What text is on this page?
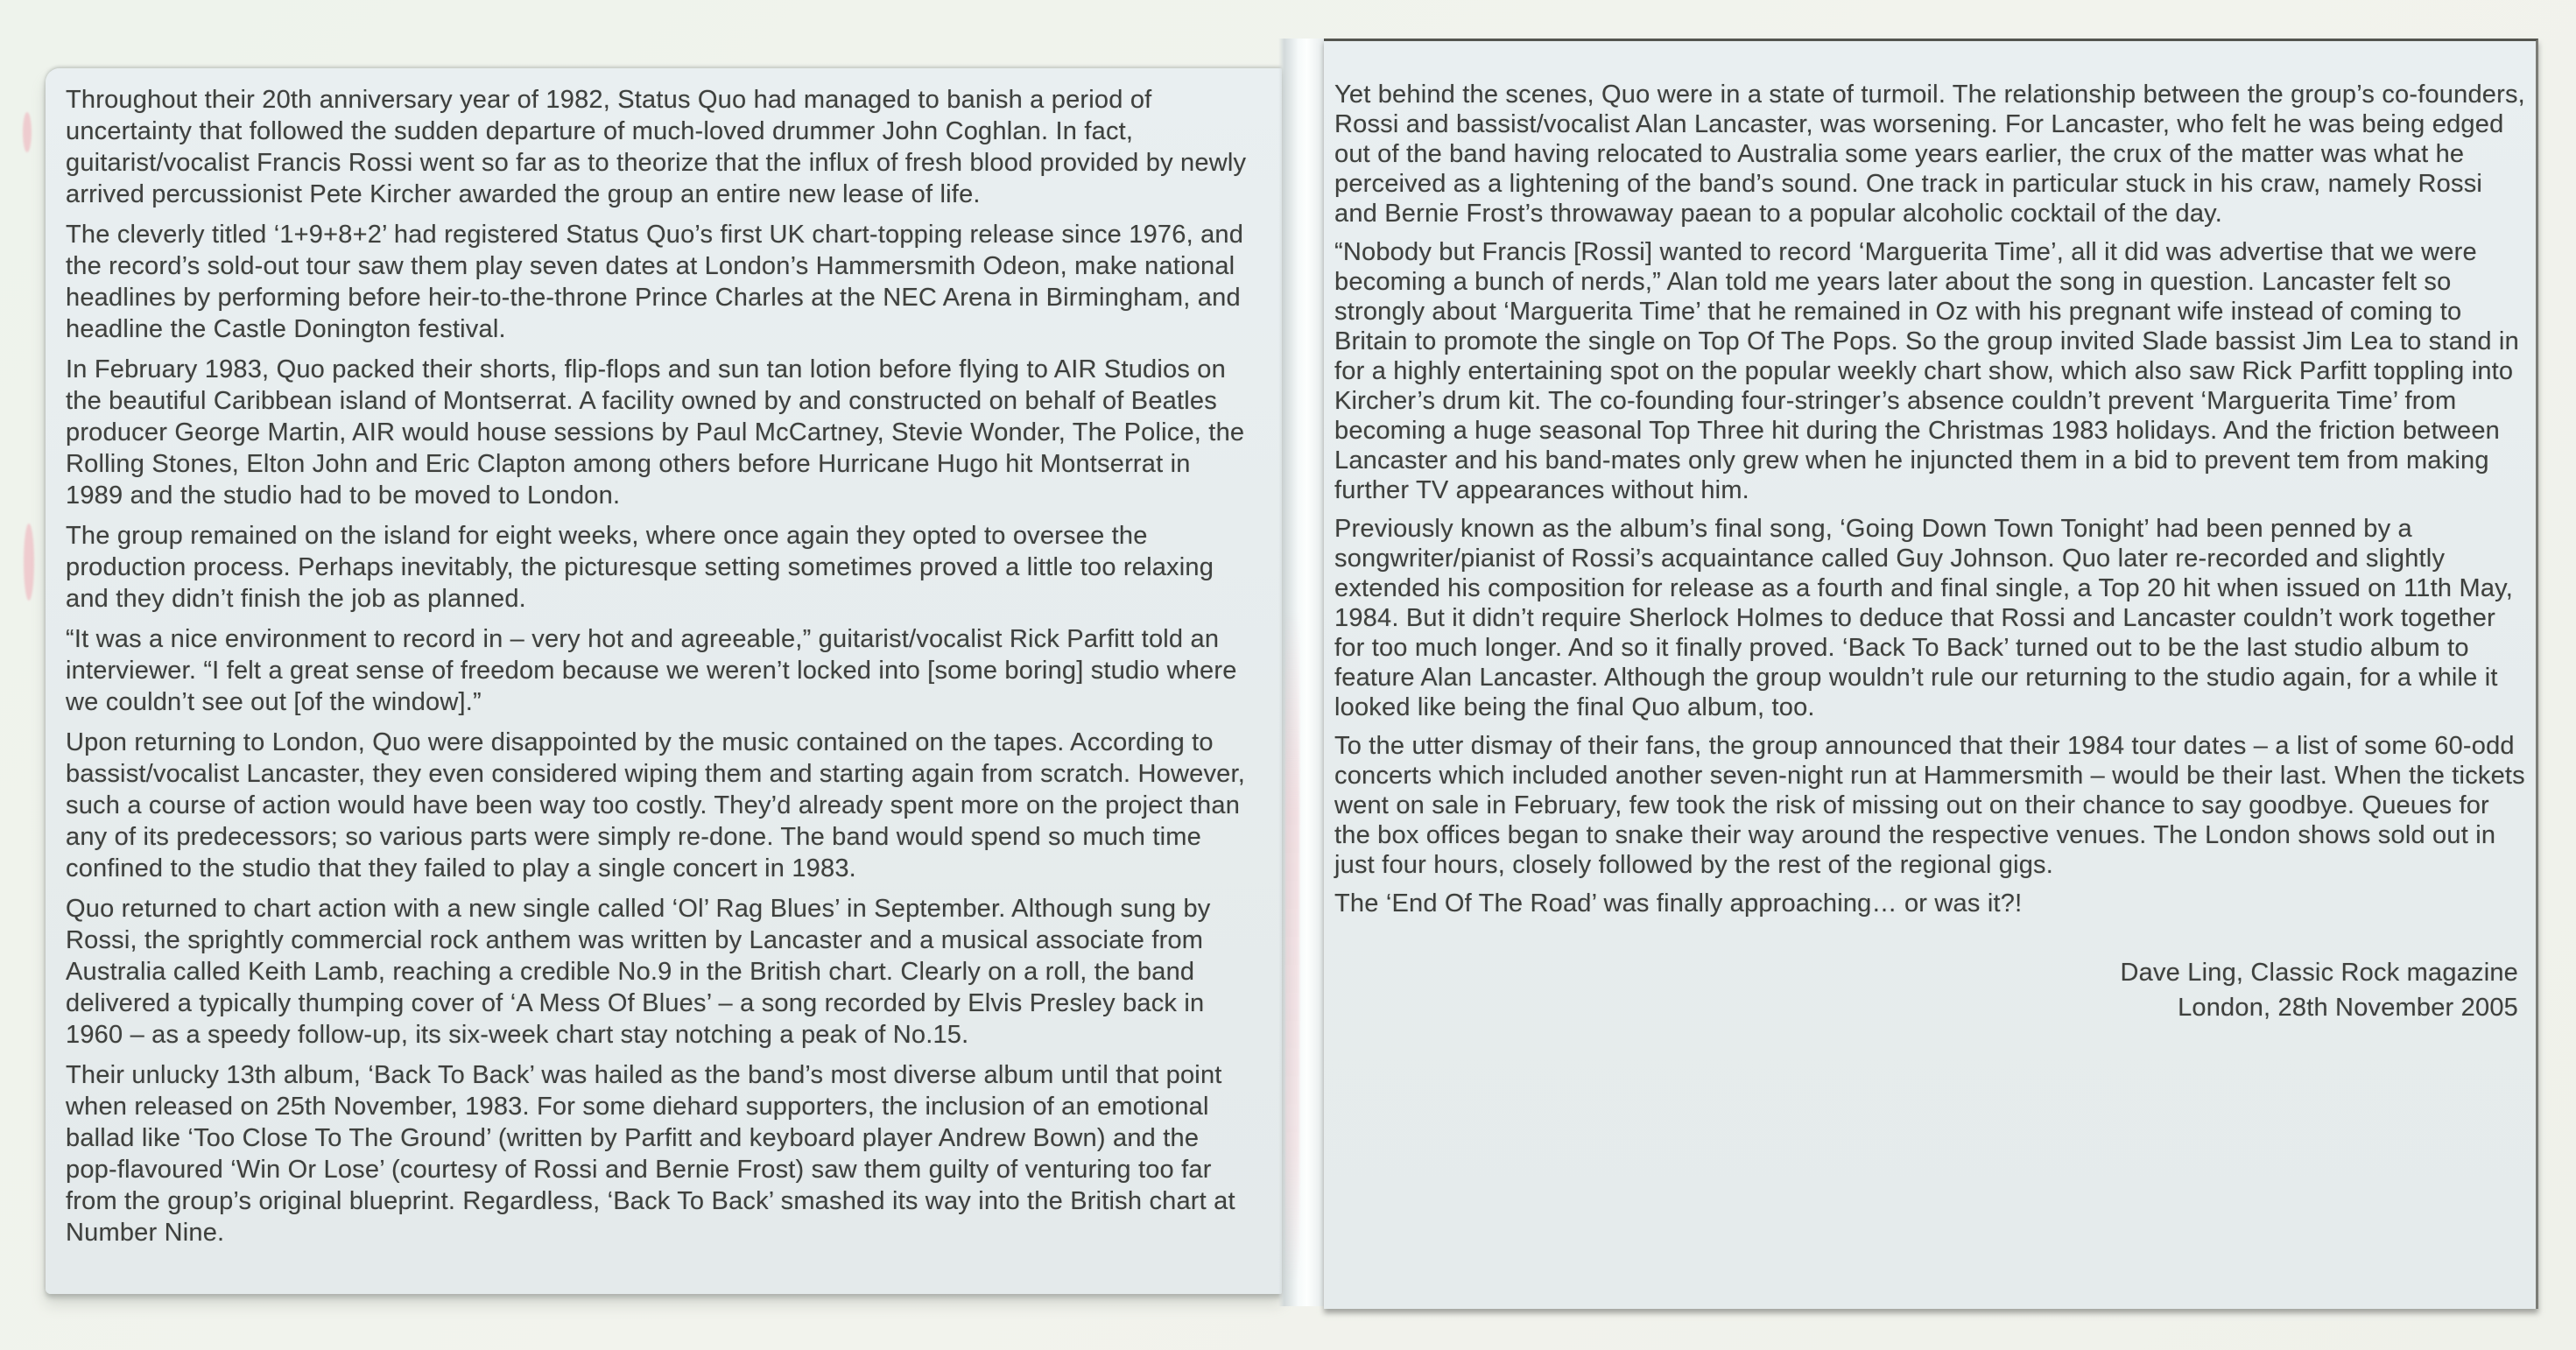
Throughout their 20th anniversary year of 1982, Status Quo had managed to banish a period of uncertainty that followed the sudden departure of much-loved drummer John Coghlan. In fact, guitarist/vocalist Francis Rossi went so far as to theorize that the influx of fresh blood provided by newly arrived percussionist Pete Kircher awarded the group an entire new lease of life.

The cleverly titled ‘1+9+8+2’ had registered Status Quo’s first UK chart-topping release since 1976, and the record’s sold-out tour saw them play seven dates at London’s Hammersmith Odeon, make national headlines by performing before heir-to-the-throne Prince Charles at the NEC Arena in Birmingham, and headline the Castle Donington festival.

In February 1983, Quo packed their shorts, flip-flops and sun tan lotion before flying to AIR Studios on the beautiful Caribbean island of Montserrat. A facility owned by and constructed on behalf of Beatles producer George Martin, AIR would house sessions by Paul McCartney, Stevie Wonder, The Police, the Rolling Stones, Elton John and Eric Clapton among others before Hurricane Hugo hit Montserrat in 1989 and the studio had to be moved to London.

The group remained on the island for eight weeks, where once again they opted to oversee the production process. Perhaps inevitably, the picturesque setting sometimes proved a little too relaxing and they didn’t finish the job as planned.

“It was a nice environment to record in – very hot and agreeable,” guitarist/vocalist Rick Parfitt told an interviewer. “I felt a great sense of freedom because we weren’t locked into [some boring] studio where we couldn’t see out [of the window].”

Upon returning to London, Quo were disappointed by the music contained on the tapes. According to bassist/vocalist Lancaster, they even considered wiping them and starting again from scratch. However, such a course of action would have been way too costly. They’d already spent more on the project than any of its predecessors; so various parts were simply re-done. The band would spend so much time confined to the studio that they failed to play a single concert in 1983.

Quo returned to chart action with a new single called ‘Ol’ Rag Blues’ in September. Although sung by Rossi, the sprightly commercial rock anthem was written by Lancaster and a musical associate from Australia called Keith Lamb, reaching a credible No.9 in the British chart. Clearly on a roll, the band delivered a typically thumping cover of ‘A Mess Of Blues’ – a song recorded by Elvis Presley back in 1960 – as a speedy follow-up, its six-week chart stay notching a peak of No.15.

Their unlucky 13th album, ‘Back To Back’ was hailed as the band’s most diverse album until that point when released on 25th November, 1983. For some diehard supporters, the inclusion of an emotional ballad like ‘Too Close To The Ground’ (written by Parfitt and keyboard player Andrew Bown) and the pop-flavoured ‘Win Or Lose’ (courtesy of Rossi and Bernie Frost) saw them guilty of venturing too far from the group’s original blueprint. Regardless, ‘Back To Back’ smashed its way into the British chart at Number Nine.

Yet behind the scenes, Quo were in a state of turmoil. The relationship between the group’s co-founders, Rossi and bassist/vocalist Alan Lancaster, was worsening. For Lancaster, who felt he was being edged out of the band having relocated to Australia some years earlier, the crux of the matter was what he perceived as a lightening of the band’s sound. One track in particular stuck in his craw, namely Rossi and Bernie Frost’s throwaway paean to a popular alcoholic cocktail of the day.

“Nobody but Francis [Rossi] wanted to record ‘Marguerita Time’, all it did was advertise that we were becoming a bunch of nerds,” Alan told me years later about the song in question. Lancaster felt so strongly about ‘Marguerita Time’ that he remained in Oz with his pregnant wife instead of coming to Britain to promote the single on Top Of The Pops. So the group invited Slade bassist Jim Lea to stand in for a highly entertaining spot on the popular weekly chart show, which also saw Rick Parfitt toppling into Kircher’s drum kit. The co-founding four-stringer’s absence couldn’t prevent ‘Marguerita Time’ from becoming a huge seasonal Top Three hit during the Christmas 1983 holidays. And the friction between Lancaster and his band-mates only grew when he injuncted them in a bid to prevent tem from making further TV appearances without him.

Previously known as the album’s final song, ‘Going Down Town Tonight’ had been penned by a songwriter/pianist of Rossi’s acquaintance called Guy Johnson. Quo later re-recorded and slightly extended his composition for release as a fourth and final single, a Top 20 hit when issued on 11th May, 1984. But it didn’t require Sherlock Holmes to deduce that Rossi and Lancaster couldn’t work together for too much longer. And so it finally proved. ‘Back To Back’ turned out to be the last studio album to feature Alan Lancaster. Although the group wouldn’t rule our returning to the studio again, for a while it looked like being the final Quo album, too.

To the utter dismay of their fans, the group announced that their 1984 tour dates – a list of some 60-odd concerts which included another seven-night run at Hammersmith – would be their last. When the tickets went on sale in February, few took the risk of missing out on their chance to say goodbye. Queues for the box offices began to snake their way around the respective venues. The London shows sold out in just four hours, closely followed by the rest of the regional gigs.

The ‘End Of The Road’ was finally approaching… or was it?!

Dave Ling, Classic Rock magazine

London, 28th November 2005
